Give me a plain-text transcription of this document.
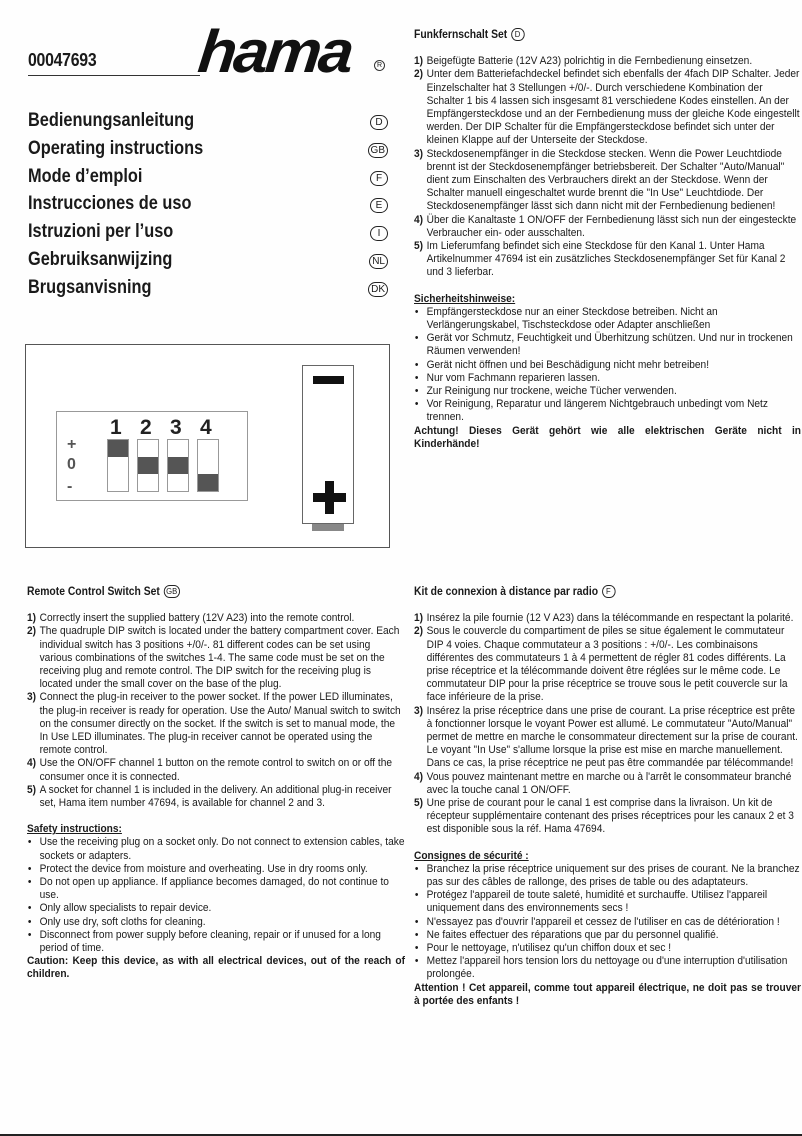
00047693 hama	R
Bedienungsanleitung	D
Operating instructions	GB
Mode d’emploi	F
Instrucciones de uso	E
Istruzioni per l’uso	I
Gebruiksanwijzing	NL
Brugsanvisning	DK
+
0
-
1 2 3 4
Funkfernschalt Set D
1) Beigefügte Batterie (12V A23) polrichtig in die Fernbedienung einsetzen.
2) Unter dem Batteriefachdeckel befindet sich ebenfalls der 4fach DIP Schalter. Jeder Einzelschalter hat 3 Stellungen +/0/-. Durch verschiedene Kombination der Schalter 1 bis 4 lassen sich insgesamt 81 verschiedene Kodes einstellen. An der Empfängersteckdose und an der Fernbedienung muss der gleiche Kode eingestellt werden. Der DIP Schalter für die Empfängersteckdose befindet sich unter der kleinen Klappe auf der Unterseite der Steckdose.
3) Steckdosenempfänger in die Steckdose stecken. Wenn die Power Leuchtdiode brennt ist der Steckdosenempfänger betriebsbereit. Der Schalter "Auto/Manual" dient zum Einschalten des Verbrauchers direkt an der Steckdose. Wenn der Schalter manuell eingeschaltet wurde brennt die "In Use" Leuchtdiode. Der Steckdosenempfänger lässt sich dann nicht mit der Fernbedienung bedienen!
4) Über die Kanaltaste 1 ON/OFF der Fernbedienung lässt sich nun der eingesteckte Verbraucher ein- oder ausschalten.
5) Im Lieferumfang befindet sich eine Steckdose für den Kanal 1. Unter Hama Artikelnummer 47694 ist ein zusätzliches Steckdosenempfänger Set für Kanal 2 und 3 lieferbar.
Sicherheitshinweise:
• Empfängersteckdose nur an einer Steckdose betreiben. Nicht an Verlängerungskabel, Tischsteckdose oder Adapter anschließen
• Gerät vor Schmutz, Feuchtigkeit und Überhitzung schützen. Und nur in trockenen Räumen verwenden!
• Gerät nicht öffnen und bei Beschädigung nicht mehr betreiben!
• Nur vom Fachmann reparieren lassen.
• Zur Reinigung nur trockene, weiche Tücher verwenden.
• Vor Reinigung, Reparatur und längerem Nichtgebrauch unbedingt vom Netz trennen.
Achtung! Dieses Gerät gehört wie alle elektrischen Geräte nicht in Kinderhände!
Remote Control Switch Set GB
1) Correctly insert the supplied battery (12V A23) into the remote control.
2) The quadruple DIP switch is located under the battery compartment cover. Each individual switch has 3 positions +/0/-. 81 different codes can be set using various combinations of the switches 1-4. The same code must be set on the receiving plug and remote control. The DIP switch for the receiving plug is located under the small cover on the base of the plug.
3) Connect the plug-in receiver to the power socket. If the power LED illuminates, the plug-in receiver is ready for operation. Use the Auto/ Manual switch to switch on the consumer directly on the socket. If the switch is set to manual mode, the In Use LED illuminates. The plug-in receiver cannot be operated using the remote control.
4) Use the ON/OFF channel 1 button on the remote control to switch on or off the consumer once it is connected.
5) A socket for channel 1 is included in the delivery. An additional plug-in receiver set, Hama item number 47694, is available for channel 2 and 3.
Safety instructions:
• Use the receiving plug on a socket only. Do not connect to extension cables, take sockets or adapters.
• Protect the device from moisture and overheating. Use in dry rooms only.
• Do not open up appliance. If appliance becomes damaged, do not continue to use.
• Only allow specialists to repair device.
• Only use dry, soft cloths for cleaning.
• Disconnect from power supply before cleaning, repair or if unused for a long period of time.
Caution: Keep this device, as with all electrical devices, out of the reach of children.
Kit de connexion à distance par radio F
1) Insérez la pile fournie (12 V A23) dans la télécommande en respectant la polarité.
2) Sous le couvercle du compartiment de piles se situe également le commutateur DIP 4 voies. Chaque commutateur a 3 positions : +/0/-. Les combinaisons différentes des commutateurs 1 à 4 permettent de régler 81 codes différents. La prise réceptrice et la télécommande doivent être réglées sur le même code. Le commutateur DIP pour la prise réceptrice se trouve sous le petit couvercle sur la face inférieure de la prise.
3) Insérez la prise réceptrice dans une prise de courant. La prise réceptrice est prête à fonctionner lorsque le voyant Power est allumé. Le commutateur "Auto/Manual" permet de mettre en marche le consommateur directement sur la prise de courant. Le voyant "In Use" s'allume lorsque la prise est mise en marche manuellement. Dans ce cas, la prise réceptrice ne peut pas être commandée par télécommande!
4) Vous pouvez maintenant mettre en marche ou à l'arrêt le consommateur branché avec la touche canal 1 ON/OFF.
5) Une prise de courant pour le canal 1 est comprise dans la livraison. Un kit de récepteur supplémentaire contenant des prises réceptrices pour les canaux 2 et 3 est disponible sous la réf. Hama 47694.
Consignes de sécurité :
• Branchez la prise réceptrice uniquement sur des prises de courant. Ne la branchez pas sur des câbles de rallonge, des prises de table ou des adaptateurs.
• Protégez l'appareil de toute saleté, humidité et surchauffe. Utilisez l'appareil uniquement dans des environnements secs !
• N'essayez pas d'ouvrir l'appareil et cessez de l'utiliser en cas de détérioration !
• Ne faites effectuer des réparations que par du personnel qualifié.
• Pour le nettoyage, n'utilisez qu'un chiffon doux et sec !
• Mettez l'appareil hors tension lors du nettoyage ou d'une interruption d'utilisation prolongée.
Attention ! Cet appareil, comme tout appareil électrique, ne doit pas se trouver à portée des enfants !
